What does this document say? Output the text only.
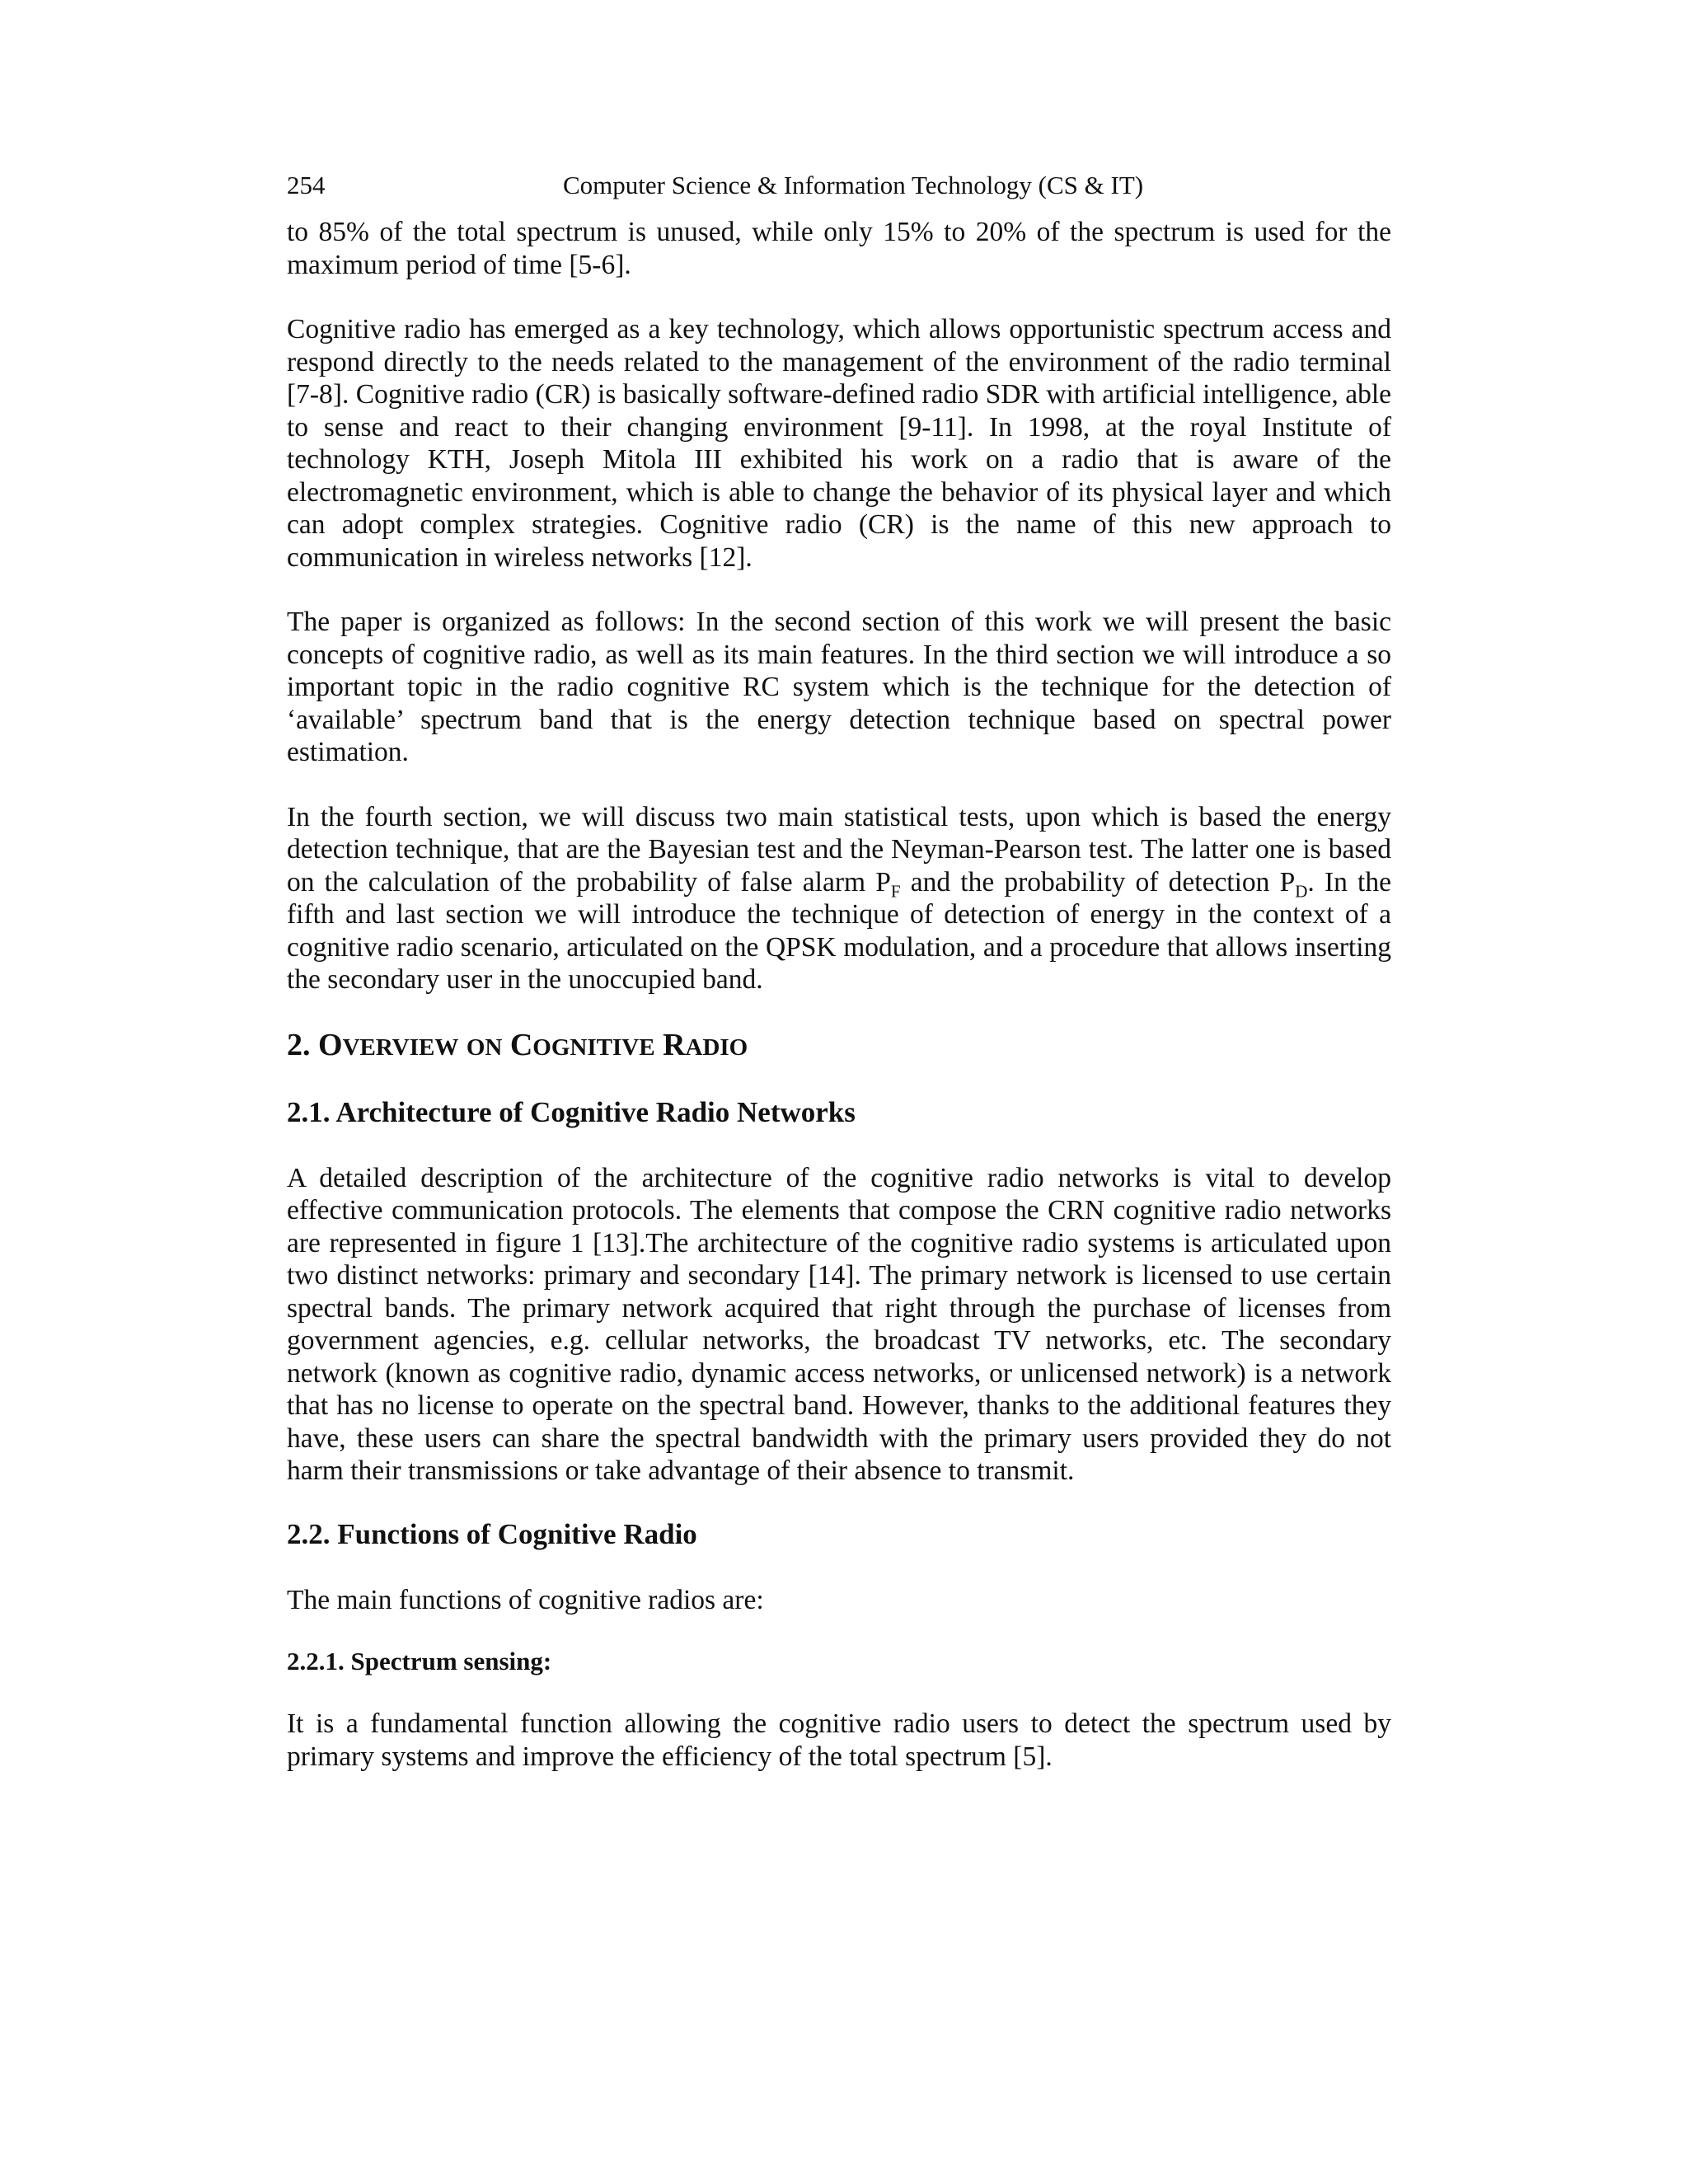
254	Computer Science & Information Technology (CS & IT)

to 85% of the total spectrum is unused, while only 15% to 20% of the spectrum is used for the maximum period of time [5-6].

Cognitive radio has emerged as a key technology, which allows opportunistic spectrum access and respond directly to the needs related to the management of the environment of the radio terminal [7-8]. Cognitive radio (CR) is basically software-defined radio SDR with artificial intelligence, able to sense and react to their changing environment [9-11]. In 1998, at the royal Institute of technology KTH, Joseph Mitola III exhibited his work on a radio that is aware of the electromagnetic environment, which is able to change the behavior of its physical layer and which can adopt complex strategies. Cognitive radio (CR) is the name of this new approach to communication in wireless networks [12].

The paper is organized as follows: In the second section of this work we will present the basic concepts of cognitive radio, as well as its main features. In the third section we will introduce a so important topic in the radio cognitive RC system which is the technique for the detection of ‘available’ spectrum band that is the energy detection technique based on spectral power estimation.

In the fourth section, we will discuss two main statistical tests, upon which is based the energy detection technique, that are the Bayesian test and the Neyman-Pearson test. The latter one is based on the calculation of the probability of false alarm $P_F$ and the probability of detection $P_D$. In the fifth and last section we will introduce the technique of detection of energy in the context of a cognitive radio scenario, articulated on the QPSK modulation, and a procedure that allows inserting the secondary user in the unoccupied band.

2. OVERVIEW ON COGNITIVE RADIO
2.1. Architecture of Cognitive Radio Networks

A detailed description of the architecture of the cognitive radio networks is vital to develop effective communication protocols. The elements that compose the CRN cognitive radio networks are represented in figure 1 [13].The architecture of the cognitive radio systems is articulated upon two distinct networks: primary and secondary [14]. The primary network is licensed to use certain spectral bands. The primary network acquired that right through the purchase of licenses from government agencies, e.g. cellular networks, the broadcast TV networks, etc. The secondary network (known as cognitive radio, dynamic access networks, or unlicensed network) is a network that has no license to operate on the spectral band. However, thanks to the additional features they have, these users can share the spectral bandwidth with the primary users provided they do not harm their transmissions or take advantage of their absence to transmit.

2.2. Functions of Cognitive Radio

The main functions of cognitive radios are:

2.2.1. Spectrum sensing:

It is a fundamental function allowing the cognitive radio users to detect the spectrum used by primary systems and improve the efficiency of the total spectrum [5].
